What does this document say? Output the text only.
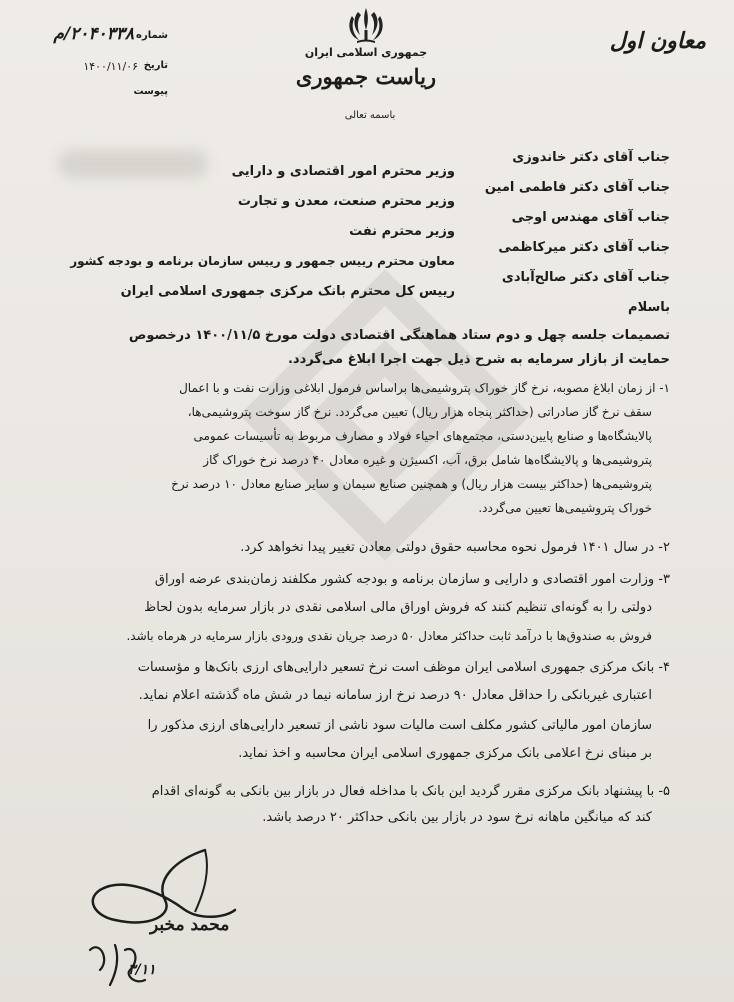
جمهوری اسلامی ایران
ریاست جمهوری
باسمه تعالی
معاون اول
شماره
۲۰۴۰۳۳۸/م
تاریخ
۱۴۰۰/۱۱/۰۶
پیوست
جناب آقای دکتر خاندوزی
وزیر محترم امور اقتصادی و دارایی
جناب آقای دکتر فاطمی امین
وزیر محترم صنعت، معدن و تجارت
جناب آقای مهندس اوجی
وزیر محترم نفت
جناب آقای دکتر میرکاظمی
معاون محترم رییس جمهور و رییس سازمان برنامه و بودجه کشور
جناب آقای دکتر صالح‌آبادی
رییس کل محترم بانک مرکزی جمهوری اسلامی ایران
باسلام
تصمیمات جلسه چهل و دوم ستاد هماهنگی اقتصادی دولت مورخ ۱۴۰۰/۱۱/۵ درخصوص
حمایت از بازار سرمایه به شرح ذیل جهت اجرا ابلاغ می‌گردد.
۱- از زمان ابلاغ مصوبه، نرخ گاز خوراک پتروشیمی‌ها براساس فرمول ابلاغی وزارت نفت و با اعمال
سقف نرخ گاز صادراتی (حداکثر پنجاه هزار ریال) تعیین می‌گردد. نرخ گاز سوخت پتروشیمی‌ها،
پالایشگاه‌ها و صنایع پایین‌دستی، مجتمع‌های احیاء فولاد و مصارف مربوط به تأسیسات عمومی
پتروشیمی‌ها و پالایشگاه‌ها شامل برق، آب، اکسیژن و غیره معادل ۴۰ درصد نرخ خوراک گاز
پتروشیمی‌ها (حداکثر بیست هزار ریال) و همچنین صنایع سیمان و سایر صنایع معادل ۱۰ درصد نرخ
خوراک پتروشیمی‌ها تعیین می‌گردد.
۲- در سال ۱۴۰۱ فرمول نحوه محاسبه حقوق دولتی معادن تغییر پیدا نخواهد کرد.
۳- وزارت امور اقتصادی و دارایی و سازمان برنامه و بودجه کشور مکلفند زمان‌بندی عرضه اوراق
دولتی را به گونه‌ای تنظیم کنند که فروش اوراق مالی اسلامی نقدی در بازار سرمایه بدون لحاظ
فروش به صندوق‌ها با درآمد ثابت حداکثر معادل ۵۰ درصد جریان نقدی ورودی بازار سرمایه در هرماه باشد.
۴- بانک مرکزی جمهوری اسلامی ایران موظف است نرخ تسعیر دارایی‌های ارزی بانک‌ها و مؤسسات
اعتباری غیربانکی را حداقل معادل ۹۰ درصد نرخ ارز سامانه نیما در شش ماه گذشته اعلام نماید.
سازمان امور مالیاتی کشور مکلف است مالیات سود ناشی از تسعیر دارایی‌های ارزی مذکور را
بر مبنای نرخ اعلامی بانک مرکزی جمهوری اسلامی ایران محاسبه و اخذ نماید.
۵- با پیشنهاد بانک مرکزی مقرر گردید این بانک با مداخله فعال در بازار بین بانکی به گونه‌ای اقدام
کند که میانگین ماهانه نرخ سود در بازار بین بانکی حداکثر ۲۰ درصد باشد.
محمد مخبر
۳/۱۱
